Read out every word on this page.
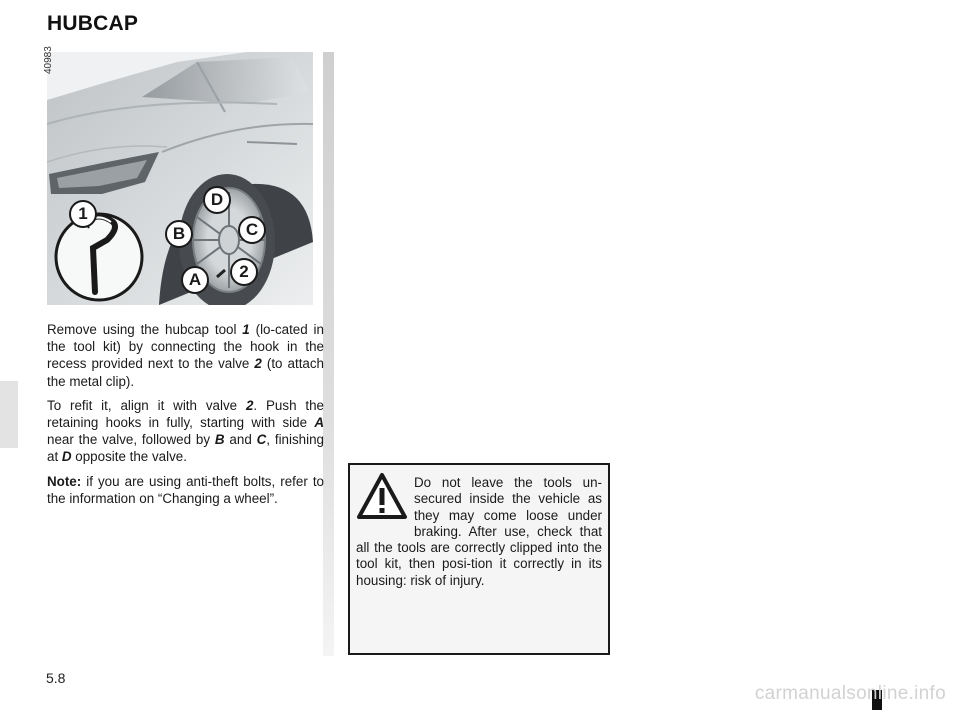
HUBCAP
40983
1
D
B	C
A	2

Remove using the hubcap tool 1 (lo-cated in the tool kit) by connecting the hook in the recess provided next to the valve 2 (to attach the metal clip).

To refit it, align it with valve 2. Push the retaining hooks in fully, starting with side A near the valve, followed by B and C, finishing at D opposite the valve.

Note: if you are using anti-theft bolts, refer to the information on “Changing a wheel”.

Do not leave the tools un-secured inside the vehicle as they may come loose under braking. After use, check that all the tools are correctly clipped into the tool kit, then posi-tion it correctly in its housing: risk of injury.
5.8
carmanualsonline.info
